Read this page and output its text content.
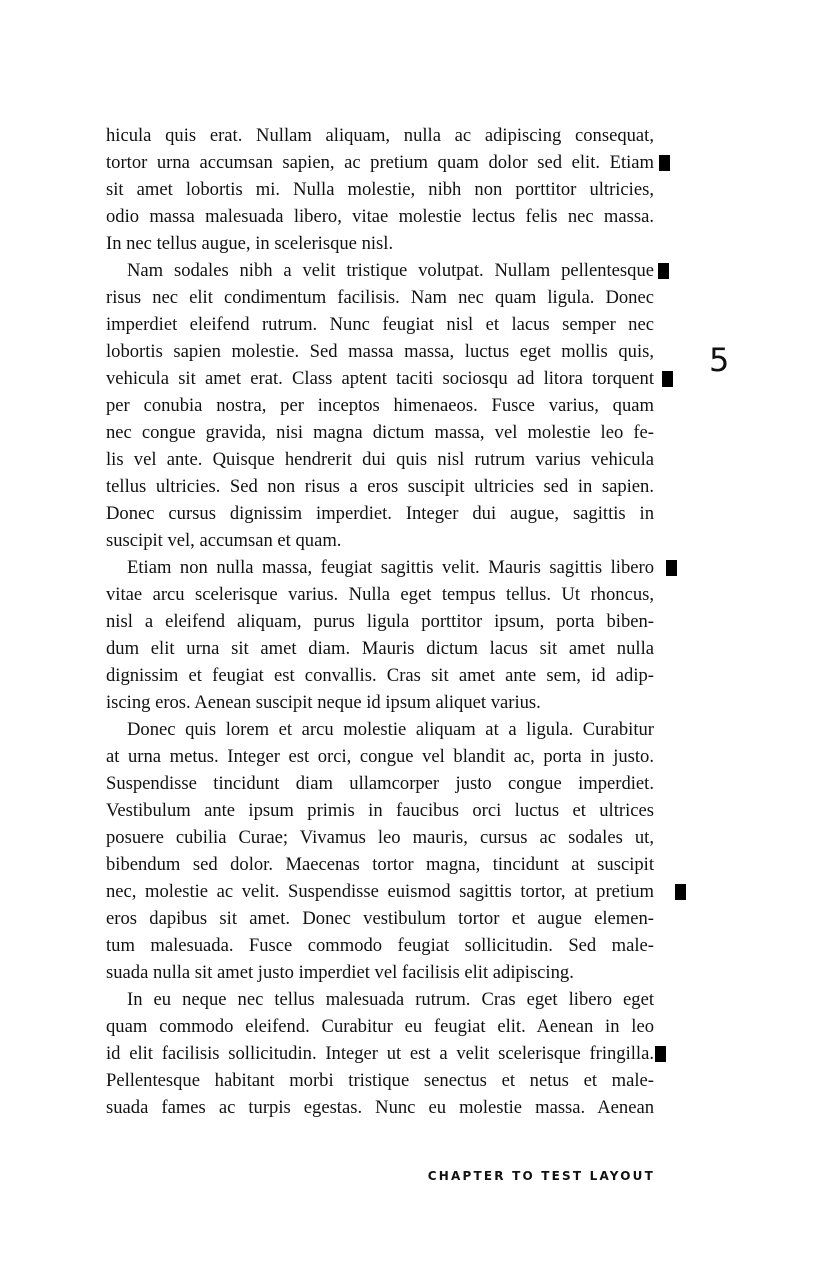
hicula quis erat. Nullam aliquam, nulla ac adipiscing consequat,
tortor urna accumsan sapien, ac pretium quam dolor sed elit. Etiam
sit amet lobortis mi. Nulla molestie, nibh non porttitor ultricies,
odio massa malesuada libero, vitae molestie lectus felis nec massa.
In nec tellus augue, in scelerisque nisl.
Nam sodales nibh a velit tristique volutpat. Nullam pellentesque
risus nec elit condimentum facilisis. Nam nec quam ligula. Donec
imperdiet eleifend rutrum. Nunc feugiat nisl et lacus semper nec
lobortis sapien molestie. Sed massa massa, luctus eget mollis quis,
vehicula sit amet erat. Class aptent taciti sociosqu ad litora torquent
per conubia nostra, per inceptos himenaeos. Fusce varius, quam
nec congue gravida, nisi magna dictum massa, vel molestie leo fe-
lis vel ante. Quisque hendrerit dui quis nisl rutrum varius vehicula
tellus ultricies. Sed non risus a eros suscipit ultricies sed in sapien.
Donec cursus dignissim imperdiet. Integer dui augue, sagittis in
suscipit vel, accumsan et quam.
Etiam non nulla massa, feugiat sagittis velit. Mauris sagittis libero
vitae arcu scelerisque varius. Nulla eget tempus tellus. Ut rhoncus,
nisl a eleifend aliquam, purus ligula porttitor ipsum, porta biben-
dum elit urna sit amet diam. Mauris dictum lacus sit amet nulla
dignissim et feugiat est convallis. Cras sit amet ante sem, id adip-
iscing eros. Aenean suscipit neque id ipsum aliquet varius.
Donec quis lorem et arcu molestie aliquam at a ligula. Curabitur
at urna metus. Integer est orci, congue vel blandit ac, porta in justo.
Suspendisse tincidunt diam ullamcorper justo congue imperdiet.
Vestibulum ante ipsum primis in faucibus orci luctus et ultrices
posuere cubilia Curae; Vivamus leo mauris, cursus ac sodales ut,
bibendum sed dolor. Maecenas tortor magna, tincidunt at suscipit
nec, molestie ac velit. Suspendisse euismod sagittis tortor, at pretium
eros dapibus sit amet. Donec vestibulum tortor et augue elemen-
tum malesuada. Fusce commodo feugiat sollicitudin. Sed male-
suada nulla sit amet justo imperdiet vel facilisis elit adipiscing.
In eu neque nec tellus malesuada rutrum. Cras eget libero eget
quam commodo eleifend. Curabitur eu feugiat elit. Aenean in leo
id elit facilisis sollicitudin. Integer ut est a velit scelerisque fringilla.
Pellentesque habitant morbi tristique senectus et netus et male-
suada fames ac turpis egestas. Nunc eu molestie massa. Aenean
5
CHAPTER TO TEST LAYOUT
